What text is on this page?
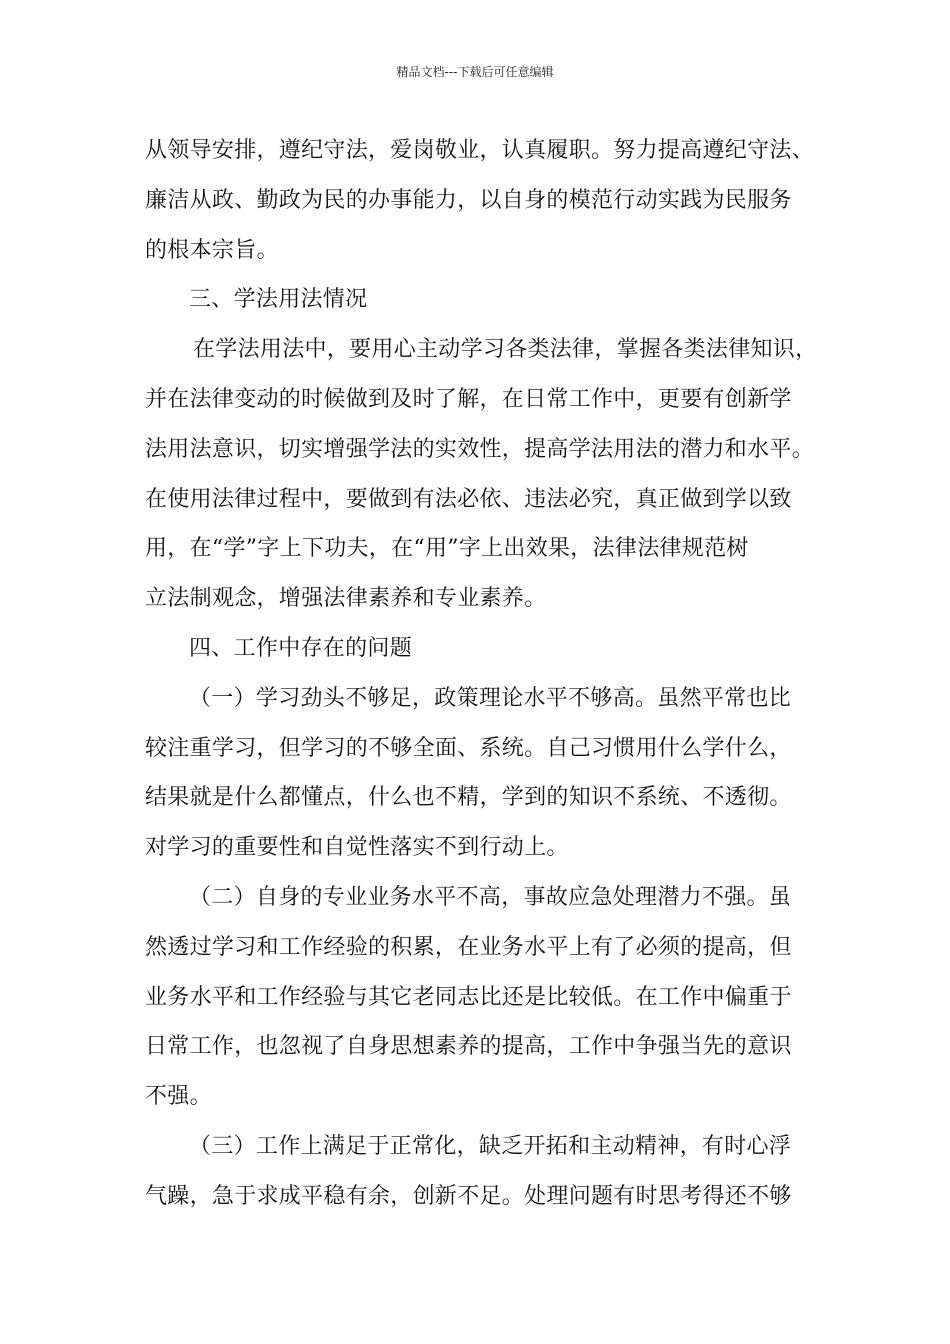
精品文档---下载后可任意编辑
从领导安排，遵纪守法，爱岗敬业，认真履职。努力提高遵纪守法、
廉洁从政、勤政为民的办事能力，以自身的模范行动实践为民服务
的根本宗旨。
三、学法用法情况
在学法用法中，要用心主动学习各类法律，掌握各类法律知识，
并在法律变动的时候做到及时了解，在日常工作中，更要有创新学
法用法意识，切实增强学法的实效性，提高学法用法的潜力和水平。
在使用法律过程中，要做到有法必依、违法必究，真正做到学以致
用，在“学”字上下功夫，在“用”字上出效果，法律法律规范树
立法制观念，增强法律素养和专业素养。
四、工作中存在的问题
（一）学习劲头不够足，政策理论水平不够高。虽然平常也比
较注重学习，但学习的不够全面、系统。自己习惯用什么学什么，
结果就是什么都懂点，什么也不精，学到的知识不系统、不透彻。
对学习的重要性和自觉性落实不到行动上。
（二）自身的专业业务水平不高，事故应急处理潜力不强。虽
然透过学习和工作经验的积累，在业务水平上有了必须的提高，但
业务水平和工作经验与其它老同志比还是比较低。在工作中偏重于
日常工作，也忽视了自身思想素养的提高，工作中争强当先的意识
不强。
（三）工作上满足于正常化，缺乏开拓和主动精神，有时心浮
气躁，急于求成平稳有余，创新不足。处理问题有时思考得还不够
